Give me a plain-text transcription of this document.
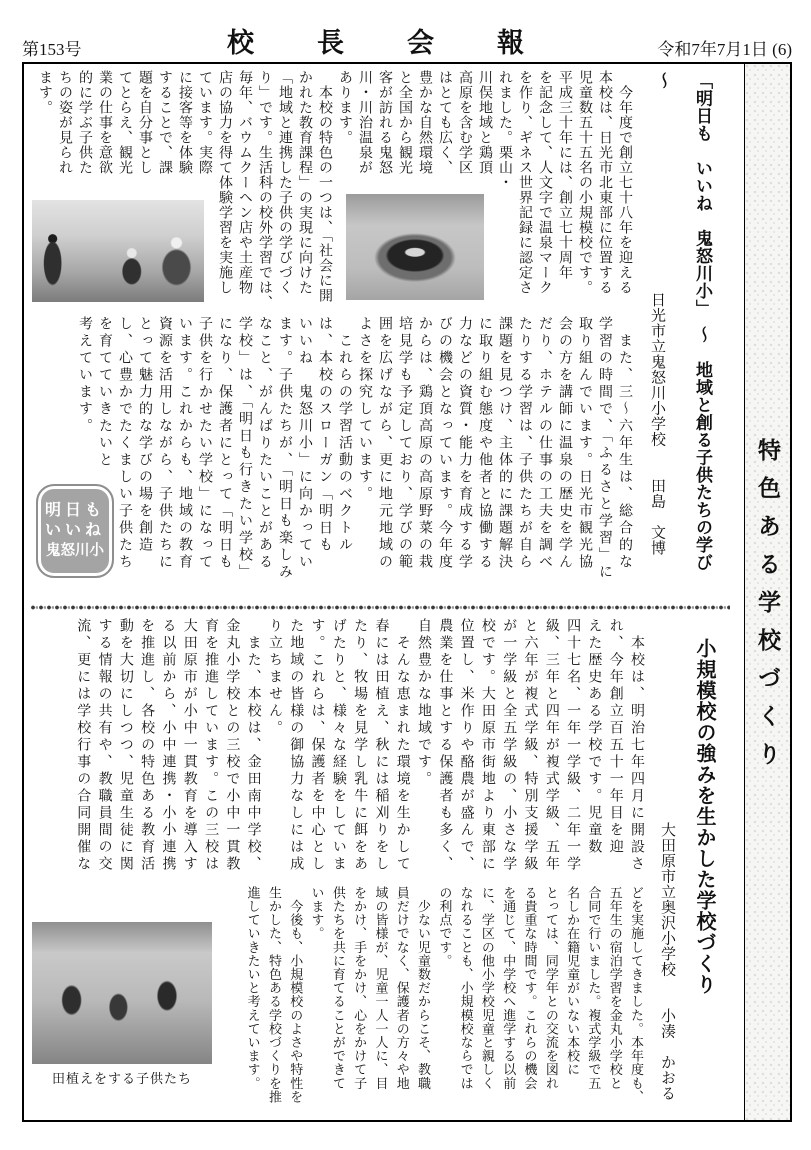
第153号	校　長　会　報	令和7年7月1日 (6)
特色ある学校づくり
「明日も　いいね　鬼怒川小」　～　地域と創る子供たちの学び　～
日光市立鬼怒川小学校　　田島　文博
　今年度で創立七十八年を迎える
本校は、日光市北東部に位置する
児童数五十五名の小規模校です。
平成三十年には、創立七十周年
を記念して、人文字で温泉マーク
を作り、ギネス世界記録に認定さ
れました。栗山・
川俣地域と鶏頂
高原を含む学区
はとても広く、
豊かな自然環境
と全国から観光
客が訪れる鬼怒
川・川治温泉が
あります。
　本校の特色の一つは、「社会に開
かれた教育課程」の実現に向けた
「地域と連携した子供の学びづく
り」です。生活科の校外学習では、
毎年、バウムクーヘン店や土産物
店の協力を得て体験学習を実施し
ています。実際
に接客等を体験
することで、課
題を自分事とし
てとらえ、観光
業の仕事を意欲
的に学ぶ子供た
ちの姿が見られ
ます。
　また、三～六年生は、総合的な
学習の時間で、「ふるさと学習」に
取り組んでいます。日光市観光協
会の方を講師に温泉の歴史を学ん
だり、ホテルの仕事の工夫を調べ
たりする学習は、子供たちが自ら
課題を見つけ、主体的に課題解決
に取り組む態度や他者と協働する
力などの資質・能力を育成する学
びの機会となっています。今年度
からは、鶏頂高原の高原野菜の栽
培見学も予定しており、学びの範
囲を広げながら、更に地元地域の
よさを探究しています。
　これらの学習活動のベクトル
は、本校のスローガン「明日も
いいね　鬼怒川小」に向かってい
ます。子供たちが、「明日も楽しみ
なこと、がんばりたいことがある
学校」は、「明日も行きたい学校」
になり、保護者にとって「明日も
子供を行かせたい学校」になって
います。これからも、地域の教育
資源を活用しながら、子供たちに
とって魅力的な学びの場を創造
し、心豊かでたくましい子供たち
を育てていきたいと
考えています。
明日も
いいね
鬼怒川小
小規模校の強みを生かした学校づくり
大田原市立奥沢小学校　　小湊　かおる
　本校は、明治七年四月に開設さ
れ、今年創立百五十一年目を迎
えた歴史ある学校です。児童数
四十七名、一年一学級、二年一学
級、三年と四年が複式学級、五年
と六年が複式学級、特別支援学級
が一学級と全五学級の、小さな学
校です。大田原市街地より東部に
位置し、米作りや酪農が盛んで、
農業を仕事とする保護者も多く、
自然豊かな地域です。
　そんな恵まれた環境を生かして
春には田植え、秋には稲刈りをし
たり、牧場を見学し乳牛に餌をあ
げたりと、様々な経験をしていま
す。これらは、保護者を中心とし
た地域の皆様の御協力なしには成
り立ちません。
　また、本校は、金田南中学校、
金丸小学校との三校で小中一貫教
育を推進しています。この三校は
大田原市が小中一貫教育を導入す
る以前から、小中連携・小小連携
を推進し、各校の特色ある教育活
動を大切にしつつ、児童生徒に関
する情報の共有や、教職員間の交
流、更には学校行事の合同開催な
どを実施してきました。本年度も、
五年生の宿泊学習を金丸小学校と
合同で行いました。複式学級で五
名しか在籍児童がいない本校に
とっては、同学年との交流を図れ
る貴重な時間です。これらの機会
を通じて、中学校へ進学する以前
に、学区の他小学校児童と親しく
なれることも、小規模校ならでは
の利点です。
　少ない児童数だからこそ、教職
員だけでなく、保護者の方々や地
域の皆様が、児童一人一人に、目
をかけ、手をかけ、心をかけて子
供たちを共に育てることができて
います。
　今後も、小規模校のよさや特性を
生かした、特色ある学校づくりを推
進していきたいと考えています。
田植えをする子供たち
